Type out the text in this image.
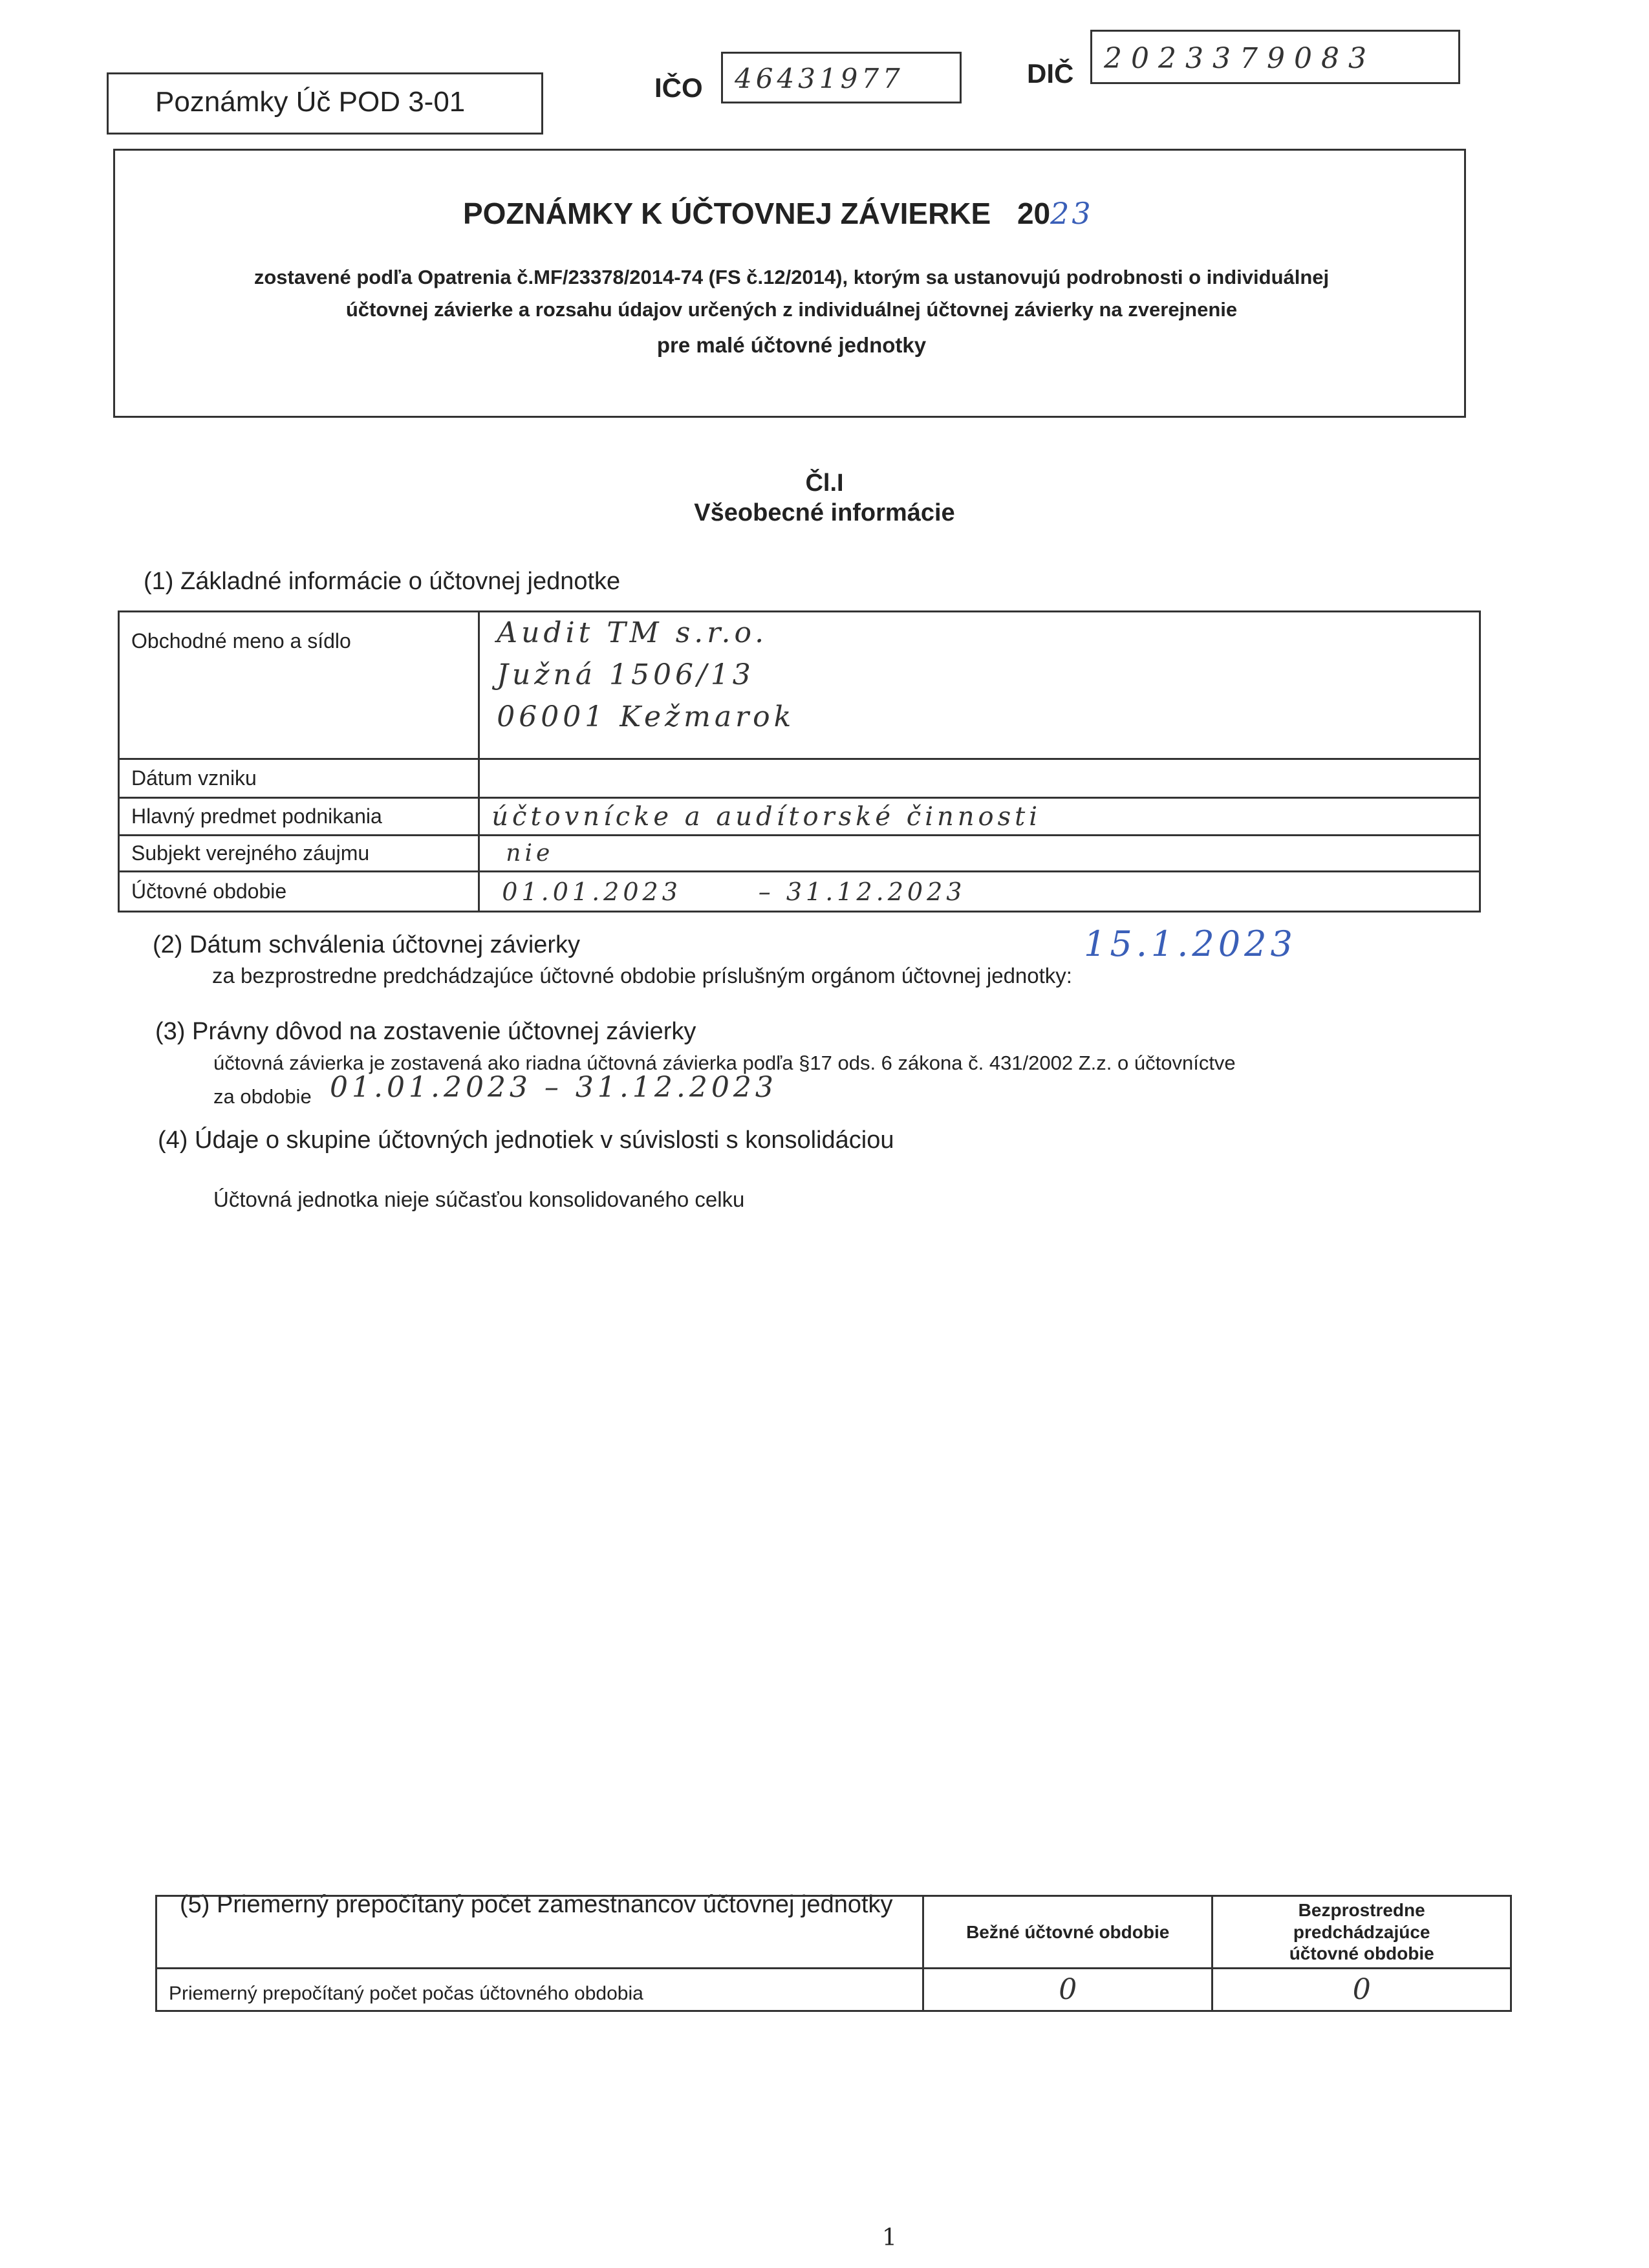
Poznámky Úč POD 3-01	IČO 46431977	DIČ 2023379083
POZNÁMKY K ÚČTOVNEJ ZÁVIERKE 2023
zostavené podľa Opatrenia č.MF/23378/2014-74 (FS č.12/2014), ktorým sa ustanovujú podrobnosti o individuálnej
účtovnej závierke a rozsahu údajov určených z individuálnej účtovnej závierky na zverejnenie
pre malé účtovné jednotky
Čl.I
Všeobecné informácie
(1) Základné informácie o účtovnej jednotke
Obchodné meno a sídlo	Audit TM s.r.o.
Južná 1506/13
06001 Kežmarok

Dátum vzniku	
Hlavný predmet podnikania	účtovnícke a audítorské činnosti
Subjekt verejného záujmu	nie
Účtovné obdobie	01.01.2023 – 31.12.2023
(2) Dátum schválenia účtovnej závierky
za bezprostredne predchádzajúce účtovné obdobie príslušným orgánom účtovnej jednotky:
15.1.2023
(3) Právny dôvod na zostavenie účtovnej závierky
účtovná závierka je zostavená ako riadna účtovná závierka podľa §17 ods. 6 zákona č. 431/2002 Z.z. o účtovníctve
za obdobie 01.01.2023 – 31.12.2023
(4) Údaje o skupine účtovných jednotiek v súvislosti s konsolidáciou
Účtovná jednotka nieje súčasťou konsolidovaného celku
(5) Priemerný prepočítaný počet zamestnancov účtovnej jednotky
	Bežné účtovné obdobie	Bezprostredne
predchádzajúce
účtovné obdobie

Priemerný prepočítaný počet počas účtovného obdobia	0	0
1
